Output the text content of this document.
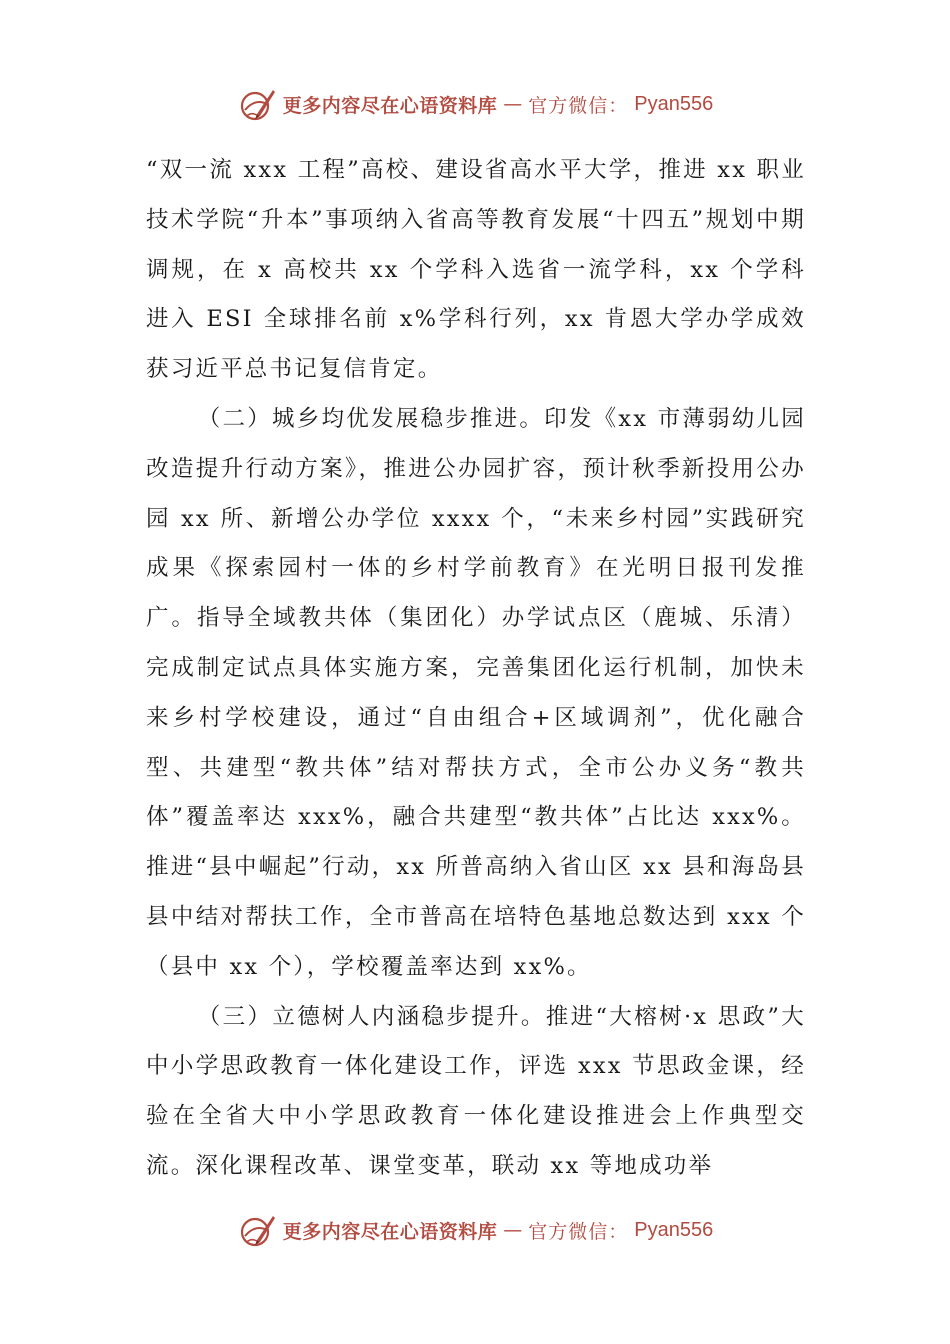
更多内容尽在心语资料库 — 官方微信： Pyan556

“双一流 xxx 工程”高校、建设省高水平大学，推进 xx 职业技术学院“升本”事项纳入省高等教育发展“十四五”规划中期调规，在 x 高校共 xx 个学科入选省一流学科，xx 个学科进入 ESI 全球排名前 x%学科行列，xx 肯恩大学办学成效获习近平总书记复信肯定。

（二）城乡均优发展稳步推进。印发《xx 市薄弱幼儿园改造提升行动方案》，推进公办园扩容，预计秋季新投用公办园 xx 所、新增公办学位 xxxx 个，“未来乡村园”实践研究成果《探索园村一体的乡村学前教育》在光明日报刊发推广。指导全域教共体（集团化）办学试点区（鹿城、乐清）完成制定试点具体实施方案，完善集团化运行机制，加快未来乡村学校建设，通过“自由组合+区域调剂”，优化融合型、共建型“教共体”结对帮扶方式，全市公办义务“教共体”覆盖率达 xxx%，融合共建型“教共体”占比达 xxx%。推进“县中崛起”行动，xx 所普高纳入省山区 xx 县和海岛县县中结对帮扶工作，全市普高在培特色基地总数达到 xxx 个（县中 xx 个），学校覆盖率达到 xx%。

（三）立德树人内涵稳步提升。推进“大榕树·x 思政”大中小学思政教育一体化建设工作，评选 xxx 节思政金课，经验在全省大中小学思政教育一体化建设推进会上作典型交流。深化课程改革、课堂变革，联动 xx 等地成功举

更多内容尽在心语资料库 — 官方微信： Pyan556
